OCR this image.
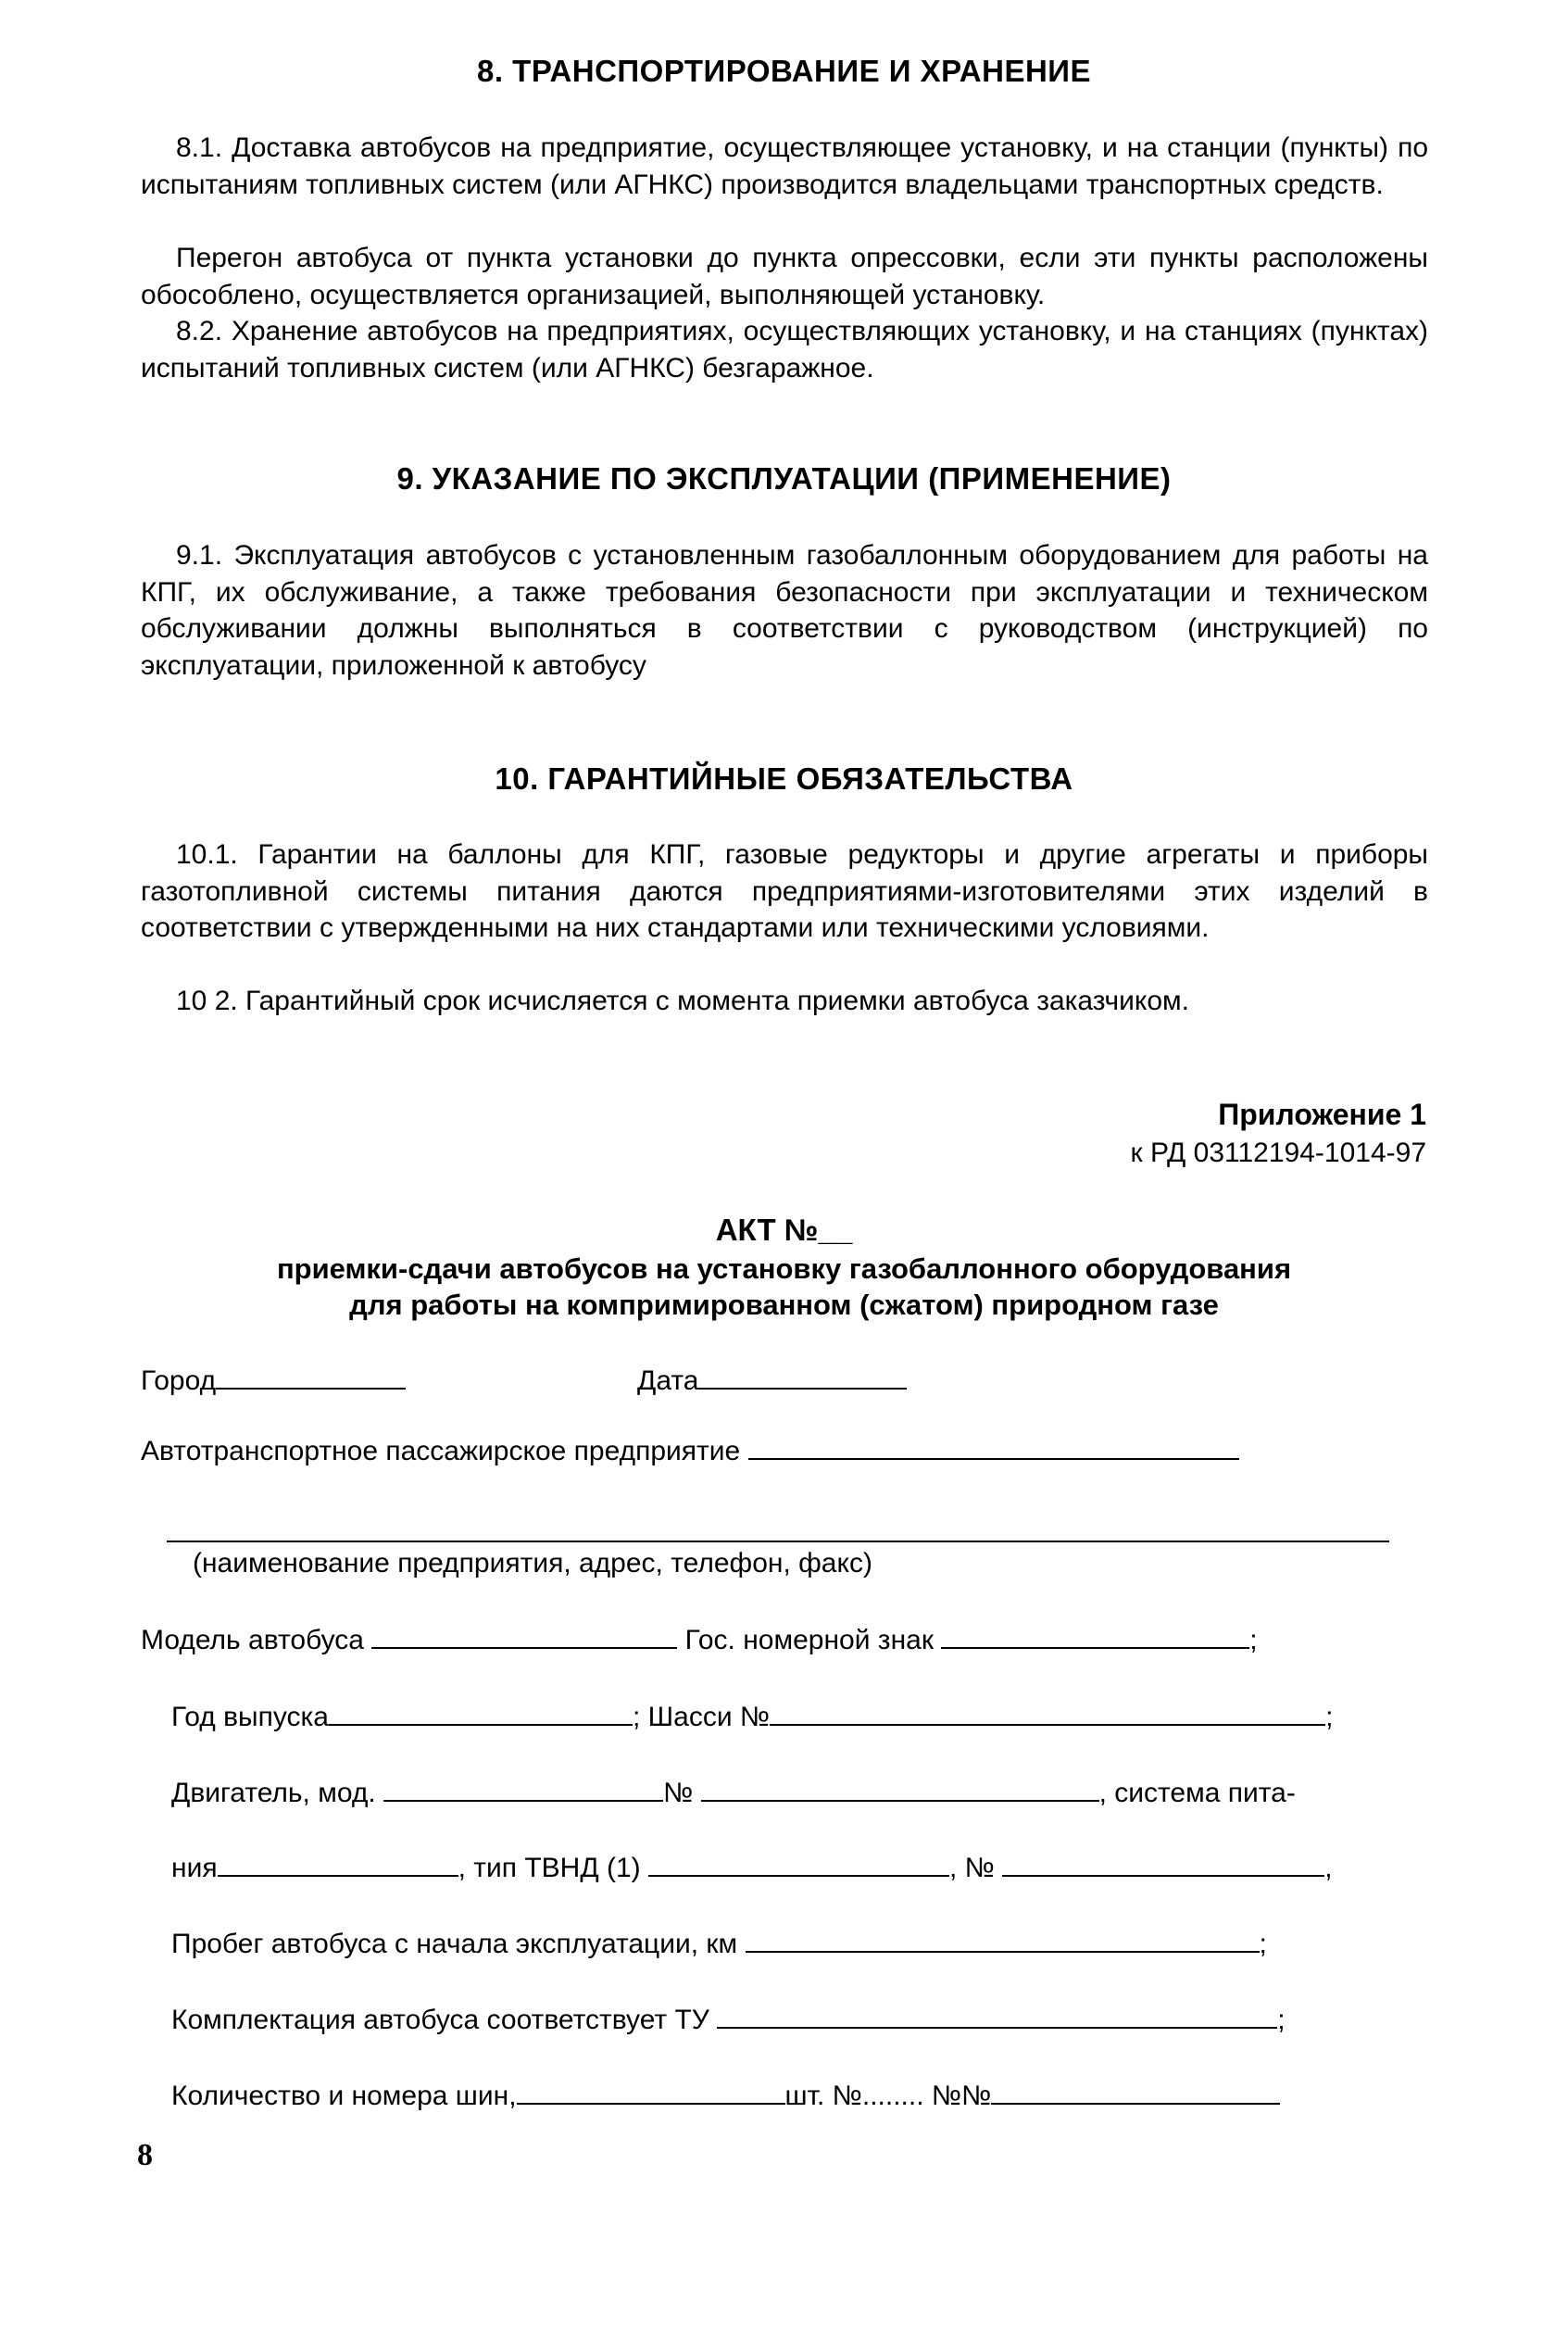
8. ТРАНСПОРТИРОВАНИЕ И ХРАНЕНИЕ

8.1. Доставка автобусов на предприятие, осуществляющее установку, и на станции (пункты) по испытаниям топливных систем (или АГНКС) производится владельцами транспортных средств.

Перегон автобуса от пункта установки до пункта опрессовки, если эти пункты расположены обособлено, осуществляется организацией, выполняющей установку.

8.2. Хранение автобусов на предприятиях, осуществляющих установку, и на станциях (пунктах) испытаний топливных систем (или АГНКС) безгаражное.

9. УКАЗАНИЕ ПО ЭКСПЛУАТАЦИИ (ПРИМЕНЕНИЕ)

9.1. Эксплуатация автобусов с установленным газобаллонным оборудованием для работы на КПГ, их обслуживание, а также требования безопасности при эксплуатации и техническом обслуживании должны выполняться в соответствии с руководством (инструкцией) по эксплуатации, приложенной к автобусу

10. ГАРАНТИЙНЫЕ ОБЯЗАТЕЛЬСТВА

10.1. Гарантии на баллоны для КПГ, газовые редукторы и другие агрегаты и приборы газотопливной системы питания даются предприятиями-изготовителями этих изделий в соответствии с утвержденными на них стандартами или техническими условиями.

10 2. Гарантийный срок исчисляется с момента приемки автобуса заказчиком.

Приложение 1

к РД 03112194-1014-97

АКТ №__

приемки-сдачи автобусов на установку газобаллонного оборудования

для работы на компримированном (сжатом) природном газе

Город	Дата
Автотранспортное пассажирское предприятие
(наименование предприятия, адрес, телефон, факс)
Модель автобуса	Гос. номерной знак	;
Год выпуска	; Шасси №	;
Двигатель, мод.	№	, система пита-
ния	, тип ТВНД (1)	, №	,
Пробег автобуса с начала эксплуатации, км	;
Комплектация автобуса соответствует ТУ	;
Количество и номера шин,	шт. №........ №№
8
